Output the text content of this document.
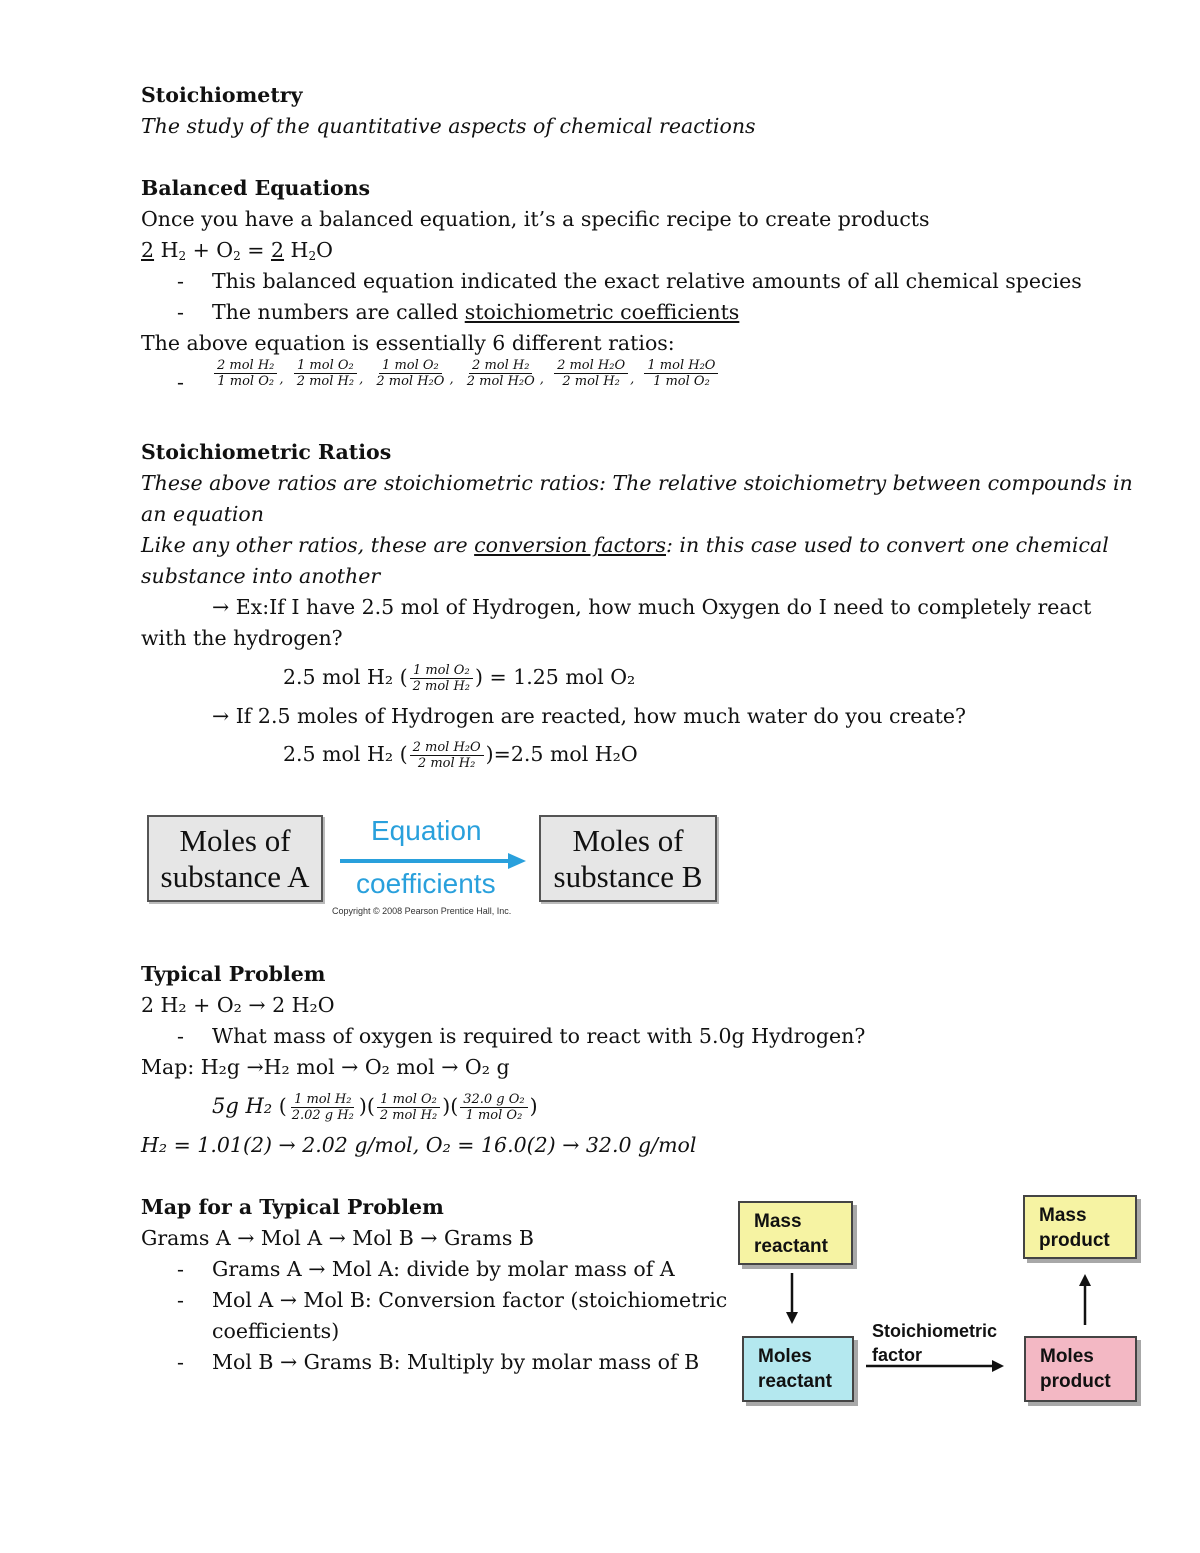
Stoichiometry
The study of the quantitative aspects of chemical reactions
Balanced Equations
Once you have a balanced equation, it’s a specific recipe to create products
2 $H_2 + O_2 = 2$ $H_2O$
- This balanced equation indicated the exact relative amounts of all chemical species
- The numbers are called stoichiometric coefficients
The above equation is essentially 6 different ratios:
-
2 mol H₂
1 mol O₂ ,
1 mol O₂
2 mol H₂ ,
1 mol O₂
2 mol H₂O ,
2 mol H₂
2 mol H₂O ,
2 mol H₂O
2 mol H₂ ,
1 mol H₂O
1 mol O₂
Stoichiometric Ratios
These above ratios are stoichiometric ratios: The relative stoichiometry between compounds in
an equation
Like any other ratios, these are conversion factors: in this case used to convert one chemical
substance into another
→ Ex:If I have 2.5 mol of Hydrogen, how much Oxygen do I need to completely react
with the hydrogen?
2.5 mol H₂ ( 1 mol O₂
2 mol H₂ ) = 1.25 mol O₂
→ If 2.5 moles of Hydrogen are reacted, how much water do you create?
2.5 mol H₂ ( 2 mol H₂O
2 mol H₂ )=2.5 mol H₂O
Moles of
substance A
Equation
coefficients
Moles of
substance B
Copyright © 2008 Pearson Prentice Hall, Inc.
Typical Problem
2 H₂ + O₂ → 2 H₂O
- What mass of oxygen is required to react with 5.0g Hydrogen?
Map: H₂g →H₂ mol → O₂ mol → O₂ g
5g H₂ ( 1 mol H₂
2.02 g H₂ )( 1 mol O₂
2 mol H₂ )( 32.0 g O₂
1 mol O₂ )
H₂ = 1.01(2) → 2.02 g/mol, O₂ = 16.0(2) → 32.0 g/mol
Map for a Typical Problem
Grams A → Mol A → Mol B → Grams B
- Grams A → Mol A: divide by molar mass of A
- Mol A → Mol B: Conversion factor (stoichiometric
coefficients)
- Mol B → Grams B: Multiply by molar mass of B
Mass
reactant
Mass
product
Moles
reactant
Moles
product
Stoichiometric
factor
